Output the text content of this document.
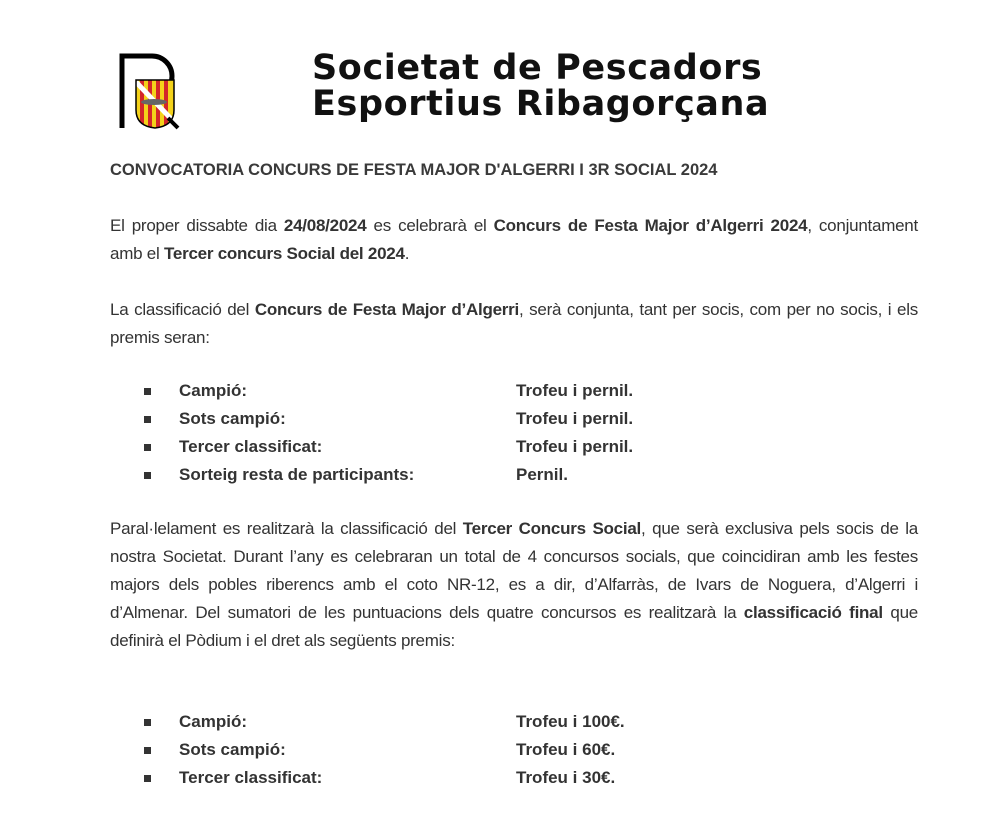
Societat de Pescadors
Esportius Ribagorçana
CONVOCATORIA CONCURS DE FESTA MAJOR D'ALGERRI I 3R SOCIAL 2024
El proper dissabte dia 24/08/2024 es celebrarà el Concurs de Festa Major d’Algerri 2024, conjuntament amb el Tercer concurs Social del 2024.
La classificació del Concurs de Festa Major d’Algerri, serà conjunta, tant per socis, com per no socis, i els premis seran:
Campió:	Trofeu i pernil.
Sots campió:	Trofeu i pernil.
Tercer classificat:	Trofeu i pernil.
Sorteig resta de participants:	Pernil.
Paral·lelament es realitzarà la classificació del Tercer Concurs Social, que serà exclusiva pels socis de la nostra Societat. Durant l’any es celebraran un total de 4 concursos socials, que coincidiran amb les festes majors dels pobles riberencs amb el coto NR-12, es a dir, d’Alfarràs, de Ivars de Noguera, d’Algerri i d’Almenar. Del sumatori de les puntuacions dels quatre concursos es realitzarà la classificació final que definirà el Pòdium i el dret als següents premis:
Campió:	Trofeu i 100€.
Sots campió:	Trofeu i 60€.
Tercer classificat:	Trofeu i 30€.
